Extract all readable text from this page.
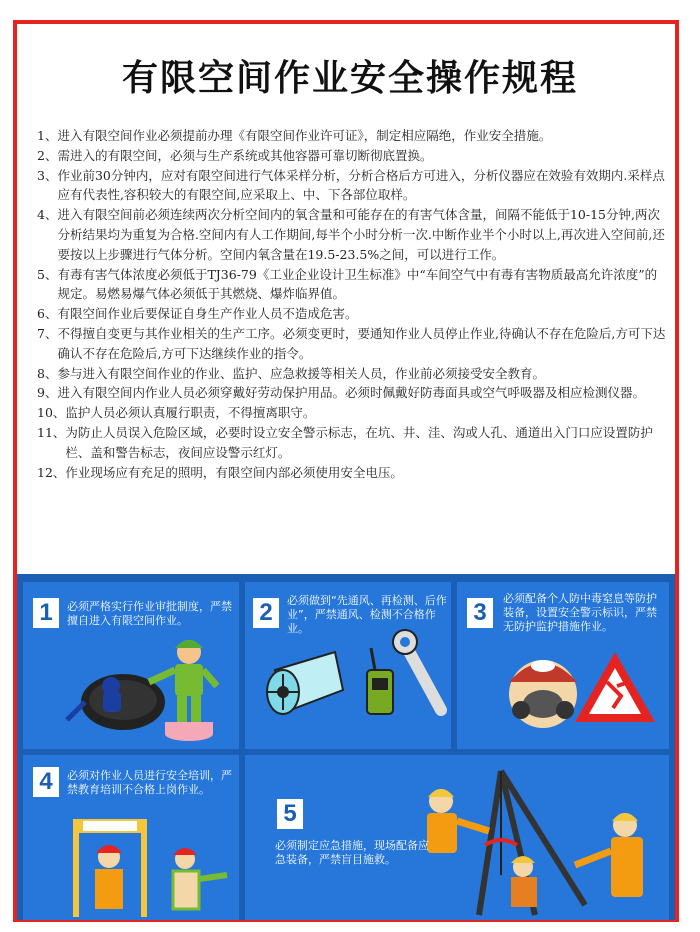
有限空间作业安全操作规程
1、 进入有限空间作业必须提前办理《有限空间作业许可证》，制定相应隔绝，作业安全措施。
2、 需进入的有限空间，必须与生产系统或其他容器可靠切断彻底置换。
3、 作业前30分钟内，应对有限空间进行气体采样分析，分析合格后方可进入，分析仪器应在效验有效期内.采样点应有代表性,容积较大的有限空间,应采取上、中、下各部位取样。
4、 进入有限空间前必须连续两次分析空间内的氧含量和可能存在的有害气体含量，间隔不能低于10-15分钟,两次分析结果均为重复为合格.空间内有人工作期间,每半个小时分析一次.中断作业半个小时以上,再次进入空间前,还要按以上步骤进行气体分析。空间内氧含量在19.5-23.5%之间，可以进行工作。
5、 有毒有害气体浓度必须低于TJ36-79《工业企业设计卫生标准》中“车间空气中有毒有害物质最高允许浓度”的规定。易燃易爆气体必须低于其燃烧、爆炸临界值。
6、 有限空间作业后要保证自身生产作业人员不造成危害。
7、 不得擅自变更与其作业相关的生产工序。必须变更时，要通知作业人员停止作业,待确认不存在危险后,方可下达确认不存在危险后,方可下达继续作业的指令。
8、 参与进入有限空间作业的作业、监护、应急救援等相关人员，作业前必须接受安全教育。
9、 进入有限空间内作业人员必须穿戴好劳动保护用品。必须时佩戴好防毒面具或空气呼吸器及相应检测仪器。
10、 监护人员必须认真履行职责，不得擅离职守。
11、 为防止人员误入危险区域，必要时设立安全警示标志，在坑、井、洼、沟或人孔、通道出入门口应设置防护栏、盖和警告标志，夜间应设警示红灯。
12、 作业现场应有充足的照明，有限空间内部必须使用安全电压。
1	必须严格实行作业审批制度，严禁擅自进入有限空间作业。	2	必须做到“先通风、再检测、后作业”，严禁通风、检测不合格作业。
3
必须配备个人防中毒窒息等防护装备，设置安全警示标识，严禁无防护监护措施作业。
4	必须对作业人员进行安全培训，严禁教育培训不合格上岗作业。
5
必须制定应急措施，现场配备应急装备，严禁盲目施救。
